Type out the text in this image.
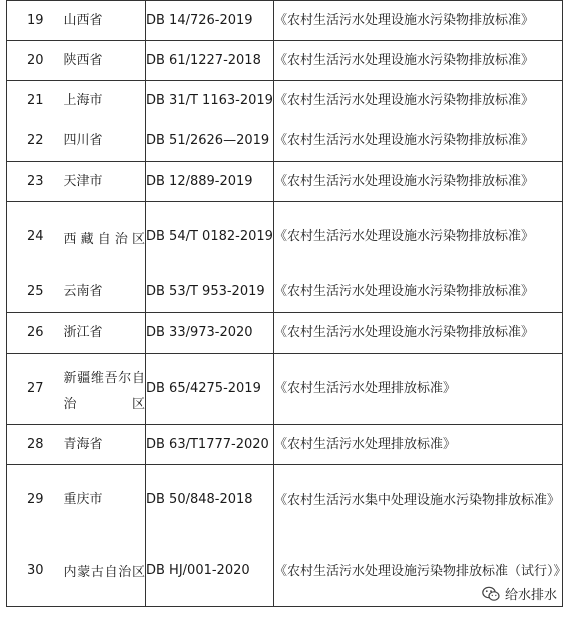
19	山西省	DB 14/726-2019	《农村生活污水处理设施水污染物排放标准》
20	陕西省	DB 61/1227-2018	《农村生活污水处理设施水污染物排放标准》
21	上海市	DB 31/T 1163-2019	《农村生活污水处理设施水污染物排放标准》
22	四川省	DB 51/2626—2019	《农村生活污水处理设施水污染物排放标准》
23	天津市	DB 12/889-2019	《农村生活污水处理设施水污染物排放标准》
24	西藏自治区	DB 54/T 0182-2019	《农村生活污水处理设施水污染物排放标准》
25	云南省	DB 53/T 953-2019	《农村生活污水处理设施水污染物排放标准》
26	浙江省	DB 33/973-2020	《农村生活污水处理设施水污染物排放标准》
27	新疆维吾尔自治区	DB 65/4275-2019	《农村生活污水处理排放标准》
28	青海省	DB 63/T1777-2020	《农村生活污水处理排放标准》
29	重庆市	DB 50/848-2018	《农村生活污水集中处理设施水污染物排放标准》
30	内蒙古自治区	DB HJ/001-2020	《农村生活污水处理设施污染物排放标准（试行）》
给水排水
